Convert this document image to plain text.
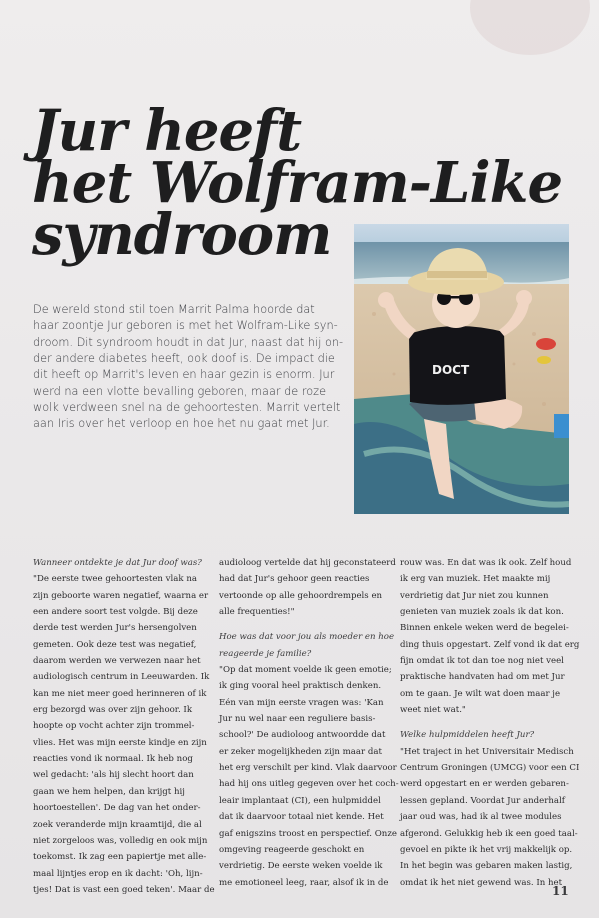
Jur heeft
het Wolfram-Like
syndroom
DOCT
De wereld stond stil toen Marrit Palma hoorde dat
haar zoontje Jur geboren is met het Wolfram-Like syn-
droom. Dit syndroom houdt in dat Jur, naast dat hij on-
der andere diabetes heeft, ook doof is. De impact die
dit heeft op Marrit's leven en haar gezin is enorm. Jur
werd na een vlotte bevalling geboren, maar de roze
wolk verdween snel na de gehoortesten. Marrit vertelt
aan Iris over het verloop en hoe het nu gaat met Jur.
Wanneer ontdekte je dat Jur doof was?
"De eerste twee gehoortesten vlak na
zijn geboorte waren negatief, waarna er
een andere soort test volgde. Bij deze
derde test werden Jur's hersengolven
gemeten. Ook deze test was negatief,
daarom werden we verwezen naar het
audiologisch centrum in Leeuwarden. Ik
kan me niet meer goed herinneren of ik
erg bezorgd was over zijn gehoor. Ik
hoopte op vocht achter zijn trommel-
vlies. Het was mijn eerste kindje en zijn
reacties vond ik normaal. Ik heb nog
wel gedacht: 'als hij slecht hoort dan
gaan we hem helpen, dan krijgt hij
hoortoestellen'. De dag van het onder-
zoek veranderde mijn kraamtijd, die al
niet zorgeloos was, volledig en ook mijn
toekomst. Ik zag een papiertje met alle-
maal lijntjes erop en ik dacht: 'Oh, lijn-
tjes! Dat is vast een goed teken'. Maar de
audioloog vertelde dat hij geconstateerd
had dat Jur's gehoor geen reacties
vertoonde op alle gehoordrempels en
alle frequenties!"
Hoe was dat voor jou als moeder en hoe
reageerde je familie?
"Op dat moment voelde ik geen emotie;
ik ging vooral heel praktisch denken.
Eén van mijn eerste vragen was: 'Kan
Jur nu wel naar een reguliere basis-
school?' De audioloog antwoordde dat
er zeker mogelijkheden zijn maar dat
het erg verschilt per kind. Vlak daarvoor
had hij ons uitleg gegeven over het coch-
leair implantaat (CI), een hulpmiddel
dat ik daarvoor totaal niet kende. Het
gaf enigszins troost en perspectief. Onze
omgeving reageerde geschokt en
verdrietig. De eerste weken voelde ik
me emotioneel leeg, raar, alsof ik in de
rouw was. En dat was ik ook. Zelf houd
ik erg van muziek. Het maakte mij
verdrietig dat Jur niet zou kunnen
genieten van muziek zoals ik dat kon.
Binnen enkele weken werd de begelei-
ding thuis opgestart. Zelf vond ik dat erg
fijn omdat ik tot dan toe nog niet veel
praktische handvaten had om met Jur
om te gaan. Je wilt wat doen maar je
weet niet wat."
Welke hulpmiddelen heeft Jur?
"Het traject in het Universitair Medisch
Centrum Groningen (UMCG) voor een CI
werd opgestart en er werden gebaren-
lessen gepland. Voordat Jur anderhalf
jaar oud was, had ik al twee modules
afgerond. Gelukkig heb ik een goed taal-
gevoel en pikte ik het vrij makkelijk op.
In het begin was gebaren maken lastig,
omdat ik het niet gewend was. In het
11
